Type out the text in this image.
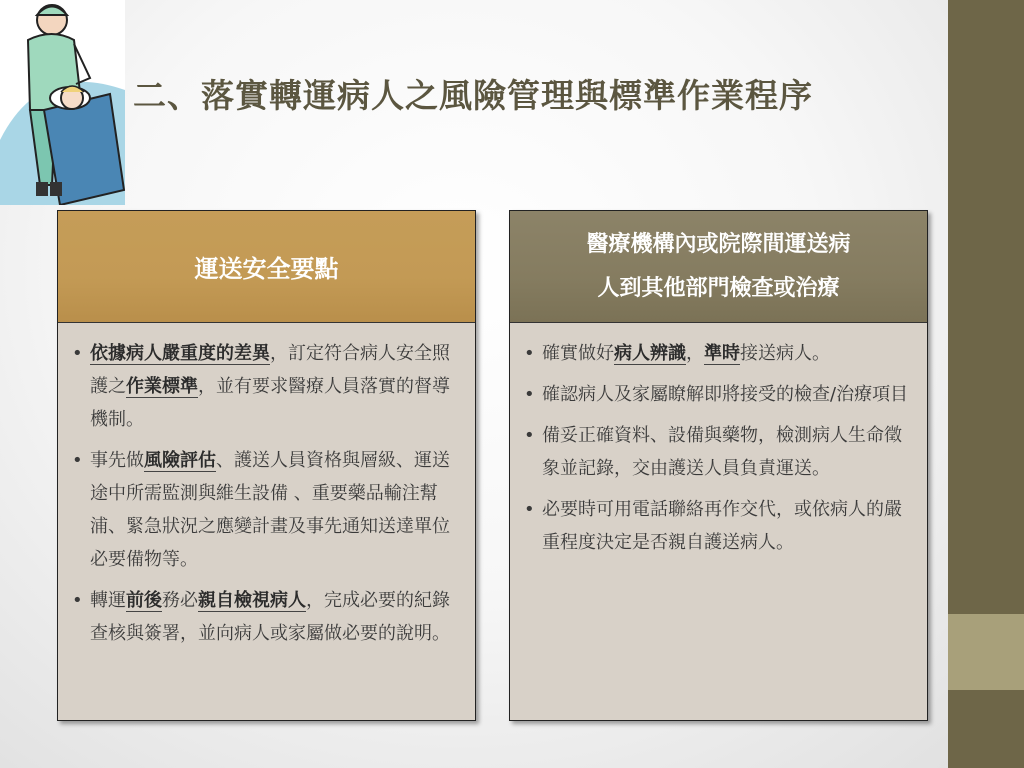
二、落實轉運病人之風險管理與標準作業程序
運送安全要點
• 依據病人嚴重度的差異，訂定符合病人安全照護之作業標準，並有要求醫療人員落實的督導機制。
• 事先做風險評估、護送人員資格與層級、運送途中所需監測與維生設備 、重要藥品輸注幫浦、緊急狀況之應變計畫及事先通知送達單位必要備物等。
• 轉運前後務必親自檢視病人，完成必要的紀錄查核與簽署，並向病人或家屬做必要的說明。
醫療機構內或院際間運送病
人到其他部門檢查或治療
• 確實做好病人辨識，準時接送病人。
• 確認病人及家屬瞭解即將接受的檢查/治療項目
• 備妥正確資料、設備與藥物，檢測病人生命徵象並記錄，交由護送人員負責運送。
• 必要時可用電話聯絡再作交代，或依病人的嚴重程度決定是否親自護送病人。
